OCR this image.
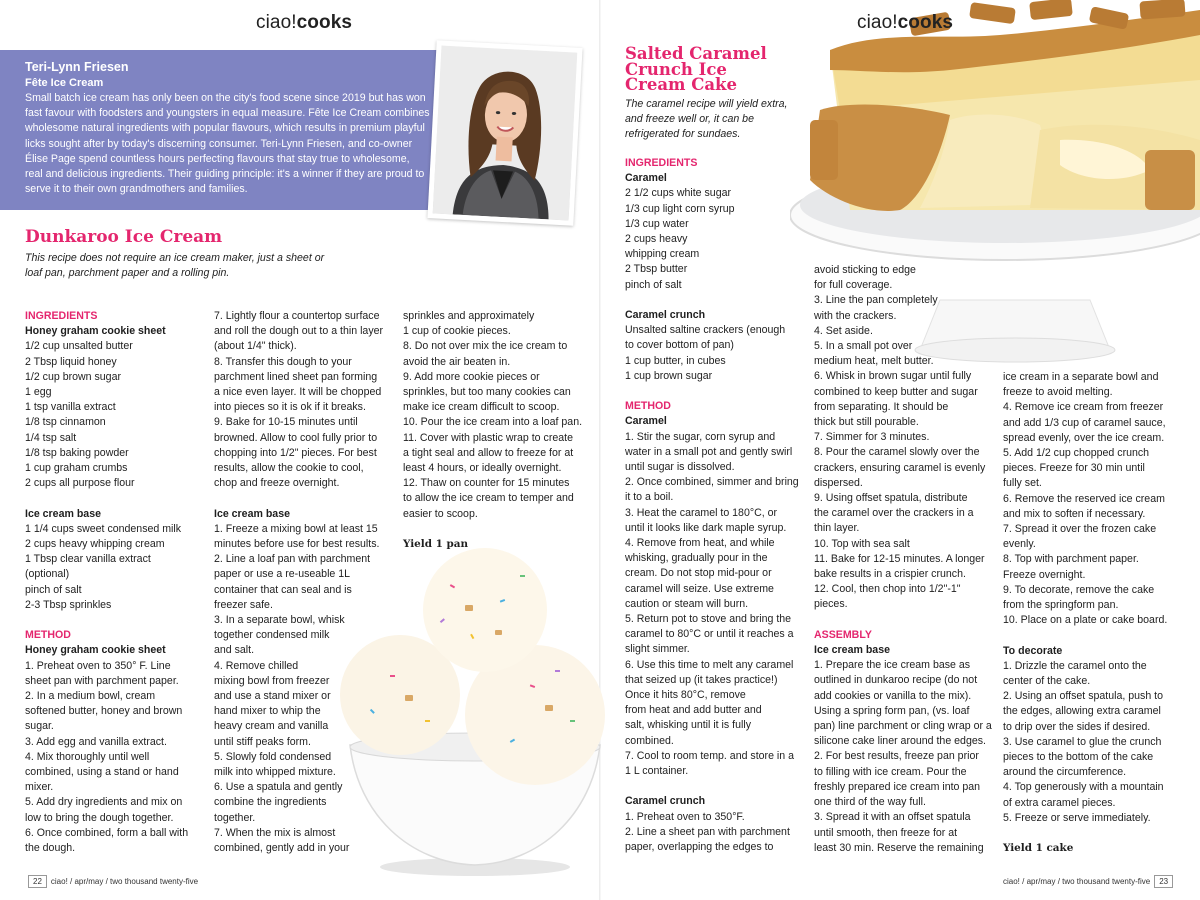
ciao!cooks	ciao!cooks
Teri-Lynn Friesen
Fête Ice Cream
Small batch ice cream has only been on the city's food scene since 2019 but has won fast favour with foodsters and youngsters in equal measure. Fête Ice Cream combines wholesome natural ingredients with popular flavours, which results in premium playful licks sought after by today's discerning consumer. Teri-Lynn Friesen, and co-owner Élise Page spend countless hours perfecting flavours that stay true to wholesome, real and delicious ingredients. Their guiding principle: it's a winner if they are proud to serve it to their own grandmothers and families.
Dunkaroo Ice Cream
This recipe does not require an ice cream maker, just a sheet or loaf pan, parchment paper and a rolling pin.
INGREDIENTS
Honey graham cookie sheet
1/2 cup unsalted butter
2 Tbsp liquid honey
1/2 cup brown sugar
1 egg
1 tsp vanilla extract
1/8 tsp cinnamon
1/4 tsp salt
1/8 tsp baking powder
1 cup graham crumbs
2 cups all purpose flour
Ice cream base
1 1/4 cups sweet condensed milk
2 cups heavy whipping cream
1 Tbsp clear vanilla extract
(optional)
pinch of salt
2-3 Tbsp sprinkles
METHOD
Honey graham cookie sheet
1. Preheat oven to 350° F. Line
sheet pan with parchment paper.
2. In a medium bowl, cream
softened butter, honey and brown
sugar.
3. Add egg and vanilla extract.
4. Mix thoroughly until well
combined, using a stand or hand
mixer.
5. Add dry ingredients and mix on
low to bring the dough together.
6. Once combined, form a ball with
the dough.
7. Lightly flour a countertop surface
and roll the dough out to a thin layer
(about 1/4" thick).
8. Transfer this dough to your
parchment lined sheet pan forming
a nice even layer. It will be chopped
into pieces so it is ok if it breaks.
9. Bake for 10-15 minutes until
browned. Allow to cool fully prior to
chopping into 1/2" pieces. For best
results, allow the cookie to cool,
chop and freeze overnight.
Ice cream base
1. Freeze a mixing bowl at least 15
minutes before use for best results.
2. Line a loaf pan with parchment
paper or use a re-useable 1L
container that can seal and is
freezer safe.
3. In a separate bowl, whisk
together condensed milk
and salt.
4. Remove chilled
mixing bowl from freezer
and use a stand mixer or
hand mixer to whip the
heavy cream and vanilla
until stiff peaks form.
5. Slowly fold condensed
milk into whipped mixture.
6. Use a spatula and gently
combine the ingredients
together.
7. When the mix is almost
combined, gently add in your
sprinkles and approximately
1 cup of cookie pieces.
8. Do not over mix the ice cream to
avoid the air beaten in.
9. Add more cookie pieces or
sprinkles, but too many cookies can
make ice cream difficult to scoop.
10. Pour the ice cream into a loaf pan.
11. Cover with plastic wrap to create
a tight seal and allow to freeze for at
least 4 hours, or ideally overnight.
12. Thaw on counter for 15 minutes
to allow the ice cream to temper and
easier to scoop.
Yield 1 pan
Salted Caramel
Crunch Ice
Cream Cake
The caramel recipe will yield extra, and freeze well or, it can be refrigerated for sundaes.
INGREDIENTS
Caramel
2 1/2 cups white sugar
1/3 cup light corn syrup
1/3 cup water
2 cups heavy
whipping cream
2 Tbsp butter
pinch of salt
Caramel crunch
Unsalted saltine crackers (enough
to cover bottom of pan)
1 cup butter, in cubes
1 cup brown sugar
METHOD
Caramel
1. Stir the sugar, corn syrup and
water in a small pot and gently swirl
until sugar is dissolved.
2. Once combined, simmer and bring
it to a boil.
3. Heat the caramel to 180°C, or
until it looks like dark maple syrup.
4. Remove from heat, and while
whisking, gradually pour in the
cream. Do not stop mid-pour or
caramel will seize. Use extreme
caution or steam will burn.
5. Return pot to stove and bring the
caramel to 80°C or until it reaches a
slight simmer.
6. Use this time to melt any caramel
that seized up (it takes practice!)
Once it hits 80°C, remove
from heat and add butter and
salt, whisking until it is fully
combined.
7. Cool to room temp. and store in a
1 L container.
Caramel crunch
1. Preheat oven to 350°F.
2. Line a sheet pan with parchment
paper, overlapping the edges to
avoid sticking to edge
for full coverage.
3. Line the pan completely
with the crackers.
4. Set aside.
5. In a small pot over
medium heat, melt butter.
6. Whisk in brown sugar until fully
combined to keep butter and sugar
from separating. It should be
thick but still pourable.
7. Simmer for 3 minutes.
8. Pour the caramel slowly over the
crackers, ensuring caramel is evenly
dispersed.
9. Using offset spatula, distribute
the caramel over the crackers in a
thin layer.
10. Top with sea salt
11. Bake for 12-15 minutes. A longer
bake results in a crispier crunch.
12. Cool, then chop into 1/2"-1"
pieces.
ASSEMBLY
Ice cream base
1. Prepare the ice cream base as
outlined in dunkaroo recipe (do not
add cookies or vanilla to the mix).
Using a spring form pan, (vs. loaf
pan) line parchment or cling wrap or a
silicone cake liner around the edges.
2. For best results, freeze pan prior
to filling with ice cream. Pour the
freshly prepared ice cream into pan
one third of the way full.
3. Spread it with an offset spatula
until smooth, then freeze for at
least 30 min. Reserve the remaining
ice cream in a separate bowl and
freeze to avoid melting.
4. Remove ice cream from freezer
and add 1/3 cup of caramel sauce,
spread evenly, over the ice cream.
5. Add 1/2 cup chopped crunch
pieces. Freeze for 30 min until
fully set.
6. Remove the reserved ice cream
and mix to soften if necessary.
7. Spread it over the frozen cake
evenly.
8. Top with parchment paper.
Freeze overnight.
9. To decorate, remove the cake
from the springform pan.
10. Place on a plate or cake board.
To decorate
1. Drizzle the caramel onto the
center of the cake.
2. Using an offset spatula, push to
the edges, allowing extra caramel
to drip over the sides if desired.
3. Use caramel to glue the crunch
pieces to the bottom of the cake
around the circumference.
4. Top generously with a mountain
of extra caramel pieces.
5. Freeze or serve immediately.
Yield 1 cake
22 ciao! / apr/may / two thousand twenty-five	ciao! / apr/may / two thousand twenty-five 23
